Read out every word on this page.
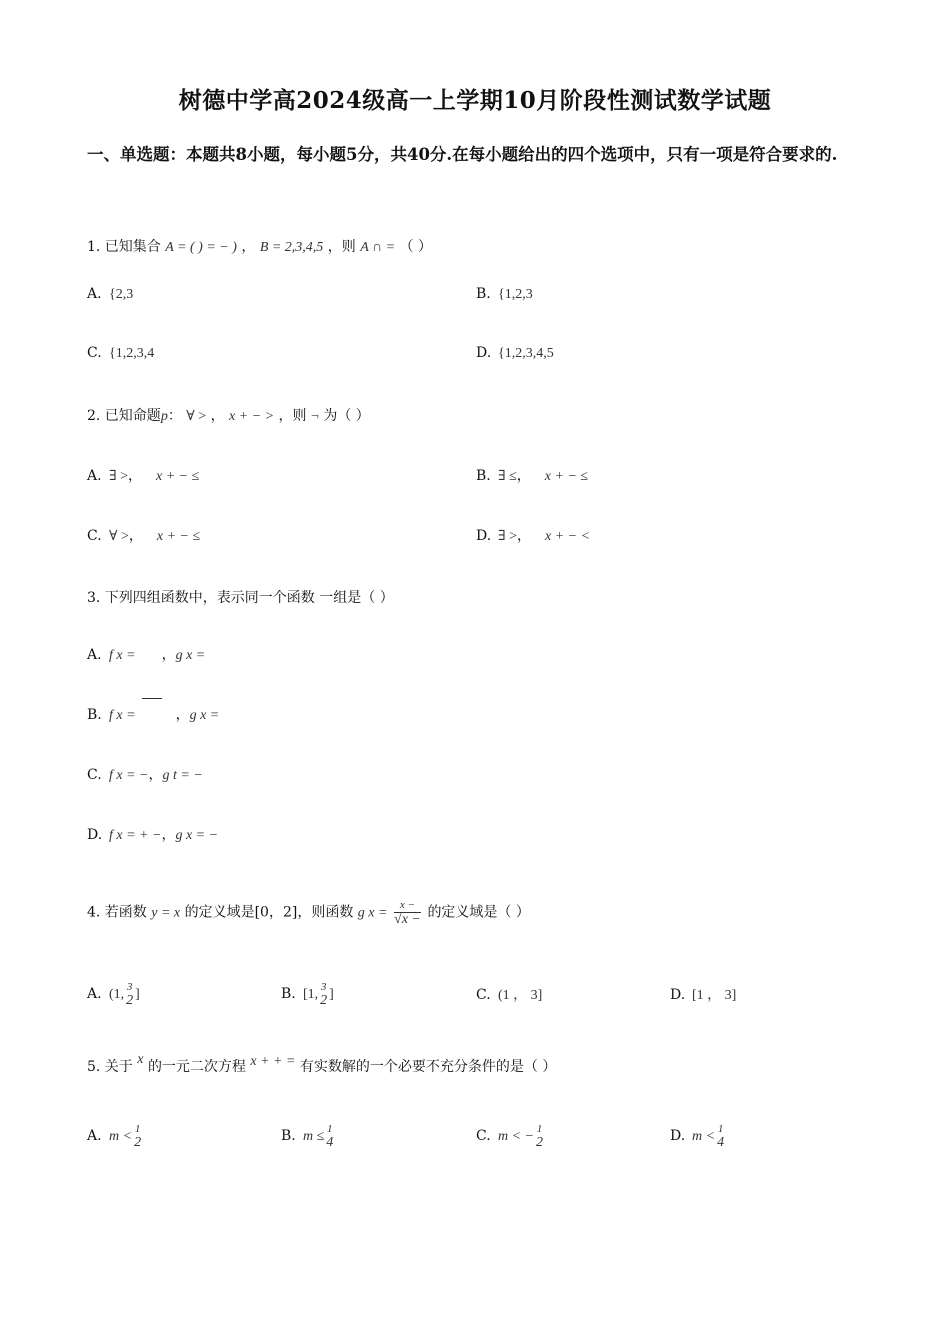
树德中学高2024级高一上学期10月阶段性测试数学试题
一、单选题：本题共8小题，每小题5分，共40分.在每小题给出的四个选项中，只有一项是符合要求的.
1. 已知集合 A = ( ) = − ) ， B = 2,3,4,5 ，则 A ∩ = （ ）
A. {2,3	B. {1,2,3
C. {1,2,3,4	D. {1,2,3,4,5
2. 已知命题p： ∀ > ， x + − > ，则 ¬ 为（ ）
A. ∃ >， x + − ≤	B. ∃ ≤， x + − ≤
C. ∀ >， x + − ≤	D. ∃ >， x + − <
3. 下列四组函数中，表示同一个函数 一组是（ ）
A. f x = ，g x =
B. f x =	，g x =
C. f x = −，g t = −
D. f x = + −，g x = −
4. 若函数 y = x 的定义域是[0，2]，则函数 g $x = \frac{x -}{√x -}$ 的定义域是（ ）
A. (1, 3
2 ]	B. [1, 3
2 ]	C. (1 ， 3]	D. [1 ， 3]
5. 关于 x 的一元二次方程 x + + = 有实数解的一个必要不充分条件的是（ ）
A. m < 1
2	B. m ≤ 1
4	C. m < − 1
2	D. m < 1
4
